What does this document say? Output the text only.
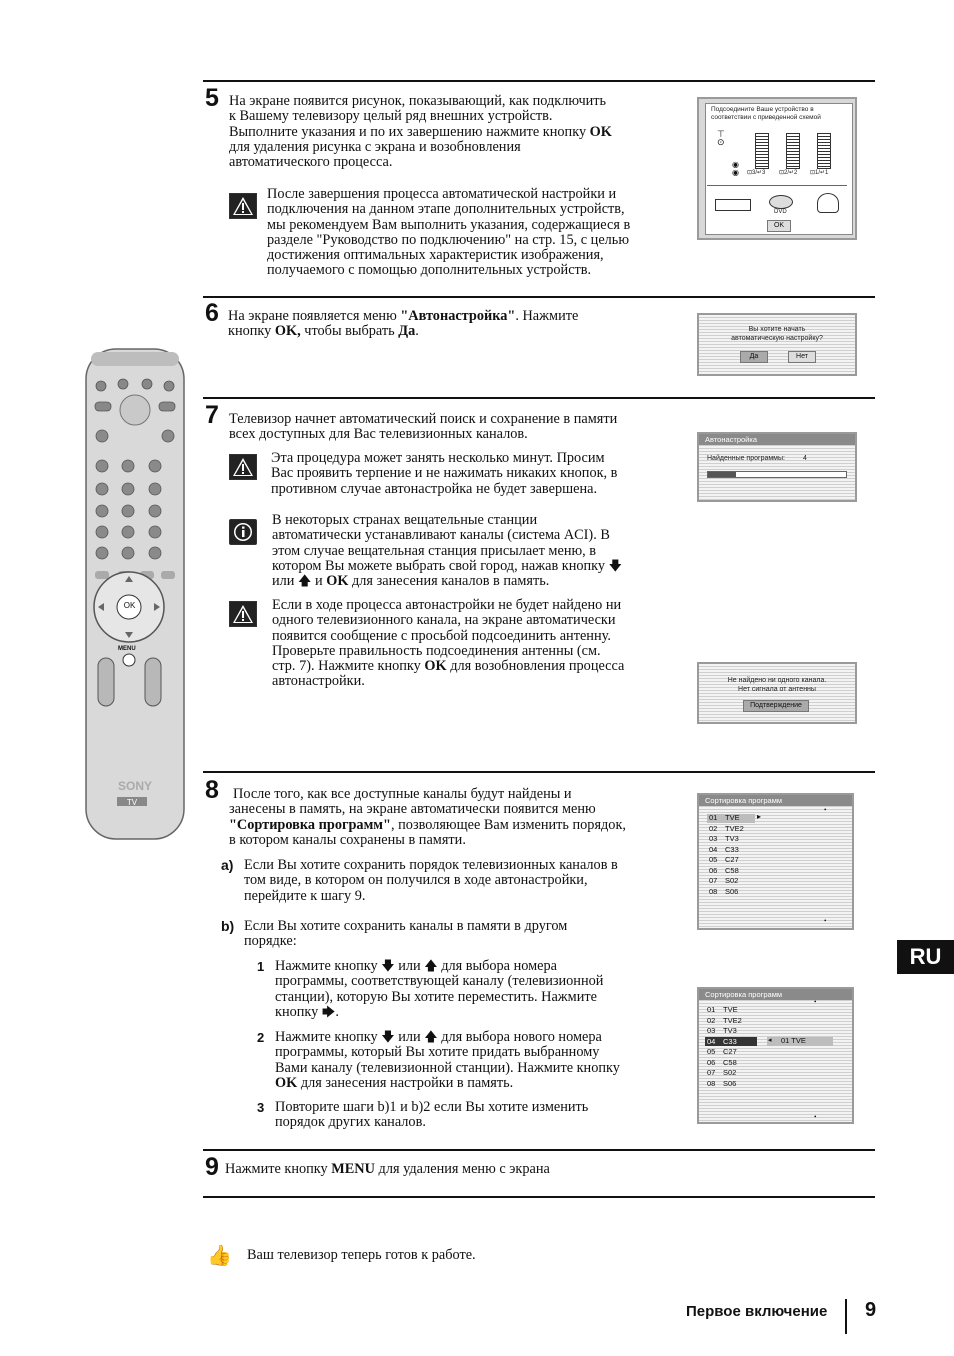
5 На экране появится рисунок, показывающий, как подключить
к Вашему телевизору целый ряд внешних устройств.
Выполните указания и по их завершению нажмите кнопку OK
для удаления рисунка с экрана и возобновления
автоматического процесса.
После завершения процесса автоматической настройки и
подключения на данном этапе дополнительных устройств,
мы рекомендуем Вам выполнить указания, содержащиеся в
разделе "Руководство по подключению" на стр. 15, с целью
достижения оптимальных характеристик изображения,
получаемого с помощью дополнительных устройств.
Подсоедините Ваше устройство в
соответствии с приведенной схемой
⊤
⊙
◉
◉ ⊡3/↵3 ⊡2/↵2 ⊡1/↵1
DVD
OK
6 На экране появляется меню "Автонастройка". Нажмите
кнопку OK, чтобы выбрать Да.	Вы хотите начать
автоматическую настройку?
Да	Нет
7 Телевизор начнет автоматический поиск и сохранение в памяти
всех доступных для Вас телевизионных каналов.
Эта процедура может занять несколько минут. Просим
Вас проявить терпение и не нажимать никаких кнопок, в
противном случае автонастройка не будет завершена.
В некоторых странах вещательные станции
автоматически устанавливают каналы (система ACI). В
этом случае вещательная станция присылает меню, в
котором Вы можете выбрать свой город, нажав кнопку 🡇
или 🡅 и OK для занесения каналов в память.
Если в ходе процесса автонастройки не будет найдено ни
одного телевизионного канала, на экране автоматически
появится сообщение с просьбой подсоединить антенну.
Проверьте правильность подсоединения антенны (см.
стр. 7). Нажмите кнопку OK для возобновления процесса
автонастройки.
Автонастройка
Найденные программы:	4
Не найдено ни одного канала.
Нет сигнала от антенны
Подтверждение
8 После того, как все доступные каналы будут найдены и
занесены в память, на экране автоматически появится меню
"Сортировка программ", позволяющее Вам изменить порядок,
в котором каналы сохранены в памяти.
a) Если Вы хотите сохранить порядок телевизионных каналов в
том виде, в котором он получился в ходе автонастройки,
перейдите к шагу 9.
b) Если Вы хотите сохранить каналы в памяти в другом
порядке:
1 Нажмите кнопку 🡇 или 🡅 для выбора номера
программы, соответствующей каналу (телевизионной
станции), которую Вы хотите переместить. Нажмите
кнопку 🡆.
2 Нажмите кнопку 🡇 или 🡅 для выбора нового номера
программы, который Вы хотите придать выбранному
Вами каналу (телевизионной станции). Нажмите кнопку
OK для занесения настройки в память.
3 Повторите шаги b)1 и b)2 если Вы хотите изменить
порядок других каналов.
Сортировка программ
•
▸
01 TVE
02 TVE2
03 TV3
04 C33
05 C27
06 C58
07 S02
08 S06
•
Сортировка программ
•
◂ 01 TVE
01 TVE
02 TVE2
03 TV3
04 C33
05 C27
06 C58
07 S02
08 S06
•
9 Нажмите кнопку MENU для удаления меню с экрана
👍 Ваш телевизор теперь готов к работе.
SONY
TV
OK
MENU
RU
Первое включение 9
